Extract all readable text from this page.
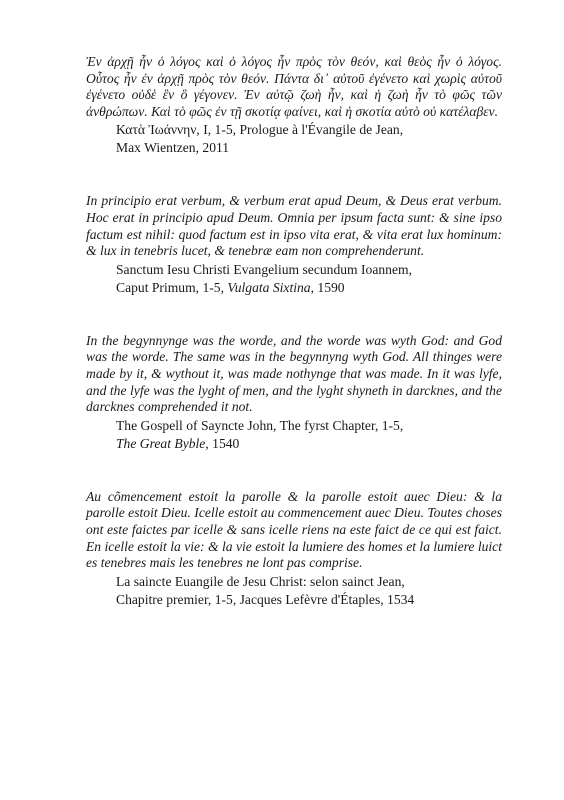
Ἐν ἀρχῇ ἦν ὁ λόγος καὶ ὁ λόγος ἦν πρὸς τὸν θεόν, καὶ θεὸς ἦν ὁ λόγος. Οὗτος ἦν ἐν ἀρχῇ πρὸς τὸν θεόν. Πάντα δι᾽ αὐτοῦ ἐγένετο καὶ χωρὶς αὐτοῦ ἐγένετο οὐδὲ ἓν ὃ γέγονεν. Ἐν αὐτῷ ζωὴ ἦν, καὶ ἡ ζωὴ ἦν τὸ φῶς τῶν ἀνθρώπων. Καὶ τὸ φῶς ἐν τῇ σκοτίᾳ φαίνει, καὶ ἡ σκοτία αὐτὸ οὐ κατέλαβεν.

Κατὰ Ἰωάννην, I, 1-5, Prologue à l'Évangile de Jean,
Max Wientzen, 2011

In principio erat verbum, & verbum erat apud Deum, & Deus erat verbum. Hoc erat in principio apud Deum. Omnia per ipsum facta sunt: & sine ipso factum est nihil: quod factum est in ipso vita erat, & vita erat lux hominum: & lux in tenebris lucet, & tenebræ eam non comprehenderunt.

Sanctum Iesu Christi Evangelium secundum Ioannem,
Caput Primum, 1-5, Vulgata Sixtina, 1590

In the begynnynge was the worde, and the worde was wyth God: and God was the worde. The same was in the begynnyng wyth God. All thinges were made by it, & wythout it, was made nothynge that was made. In it was lyfe, and the lyfe was the lyght of men, and the lyght shyneth in darcknes, and the darcknes comprehended it not.

The Gospell of Sayncte John, The fyrst Chapter, 1-5,
The Great Byble, 1540

Au cõmencement estoit la parolle & la parolle estoit auec Dieu: & la parolle estoit Dieu. Icelle estoit au commencement auec Dieu. Toutes choses ont este faictes par icelle & sans icelle riens na este faict de ce qui est faict. En icelle estoit la vie: & la vie estoit la lumiere des homes et la lumiere luict es tenebres mais les tenebres ne lont pas comprise.

La saincte Euangile de Jesu Christ: selon sainct Jean,
Chapitre premier, 1-5, Jacques Lefèvre d'Étaples, 1534
